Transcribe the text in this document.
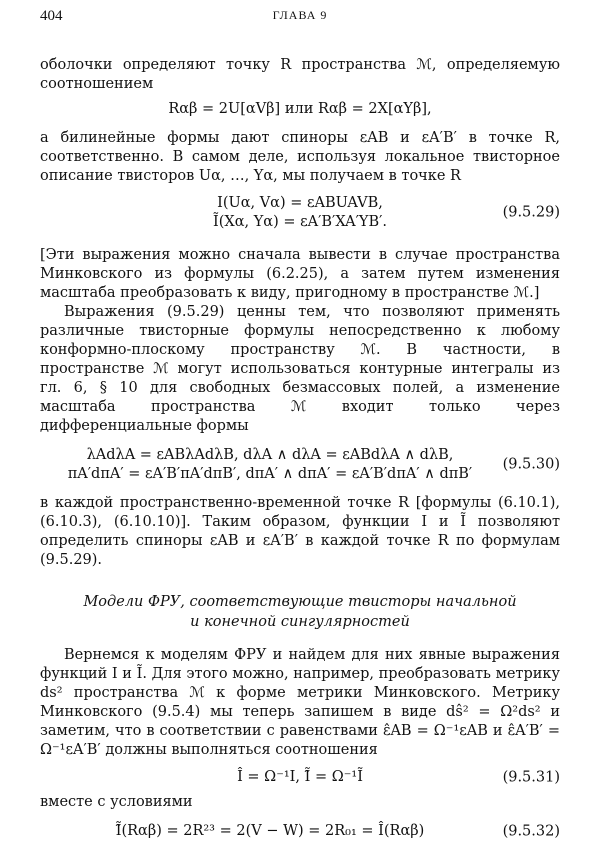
404	ГЛАВА 9

оболочки определяют точку R пространства ℳ, определяемую соотношением

Rαβ = 2U[αVβ] или Rαβ = 2X[αYβ],

а билинейные формы дают спиноры εAB и εA′B′ в точке R, соответственно. В самом деле, используя локальное твисторное описание твисторов Uα, …, Yα, мы получаем в точке R

I(Uα, Vα) = εABUAVB,
Ĩ(Xα, Yα) = εA′B′XA′YB′.
(9.5.29)

[Эти выражения можно сначала вывести в случае пространства Минковского из формулы (6.2.25), а затем путем изменения масштаба преобразовать к виду, пригодному в пространстве ℳ.]

Выражения (9.5.29) ценны тем, что позволяют применять различные твисторные формулы непосредственно к любому конформно-плоскому пространству ℳ. В частности, в пространстве ℳ могут использоваться контурные интегралы из гл. 6, § 10 для свободных безмассовых полей, а изменение масштаба пространства ℳ входит только через дифференциальные формы

λAdλA = εABλAdλB, dλA ∧ dλA = εABdλA ∧ dλB,
πA′dπA′ = εA′B′πA′dπB′, dπA′ ∧ dπA′ = εA′B′dπA′ ∧ dπB′
(9.5.30)

в каждой пространственно-временной точке R [формулы (6.10.1), (6.10.3), (6.10.10)]. Таким образом, функции I и Ĩ позволяют определить спиноры εAB и εA′B′ в каждой точке R по формулам (9.5.29).

Модели ФРУ, соответствующие твисторы начальной

и конечной сингулярностей

Вернемся к моделям ФРУ и найдем для них явные выражения функций I и Ĩ. Для этого можно, например, преобразовать метрику ds² пространства ℳ к форме метрики Минковского. Метрику Минковского (9.5.4) мы теперь запишем в виде dŝ² = Ω²ds² и заметим, что в соответствии с равенствами ε̂AB = Ω⁻¹εAB и ε̂A′B′ = Ω⁻¹εA′B′ должны выполняться соотношения

Î = Ω⁻¹I, Ĩ̂ = Ω⁻¹Ĩ	(9.5.31)

вместе с условиями

Ĩ̂(Rαβ) = 2R²³ = 2(V − W) = 2R₀₁ = Î(Rαβ)	(9.5.32)
